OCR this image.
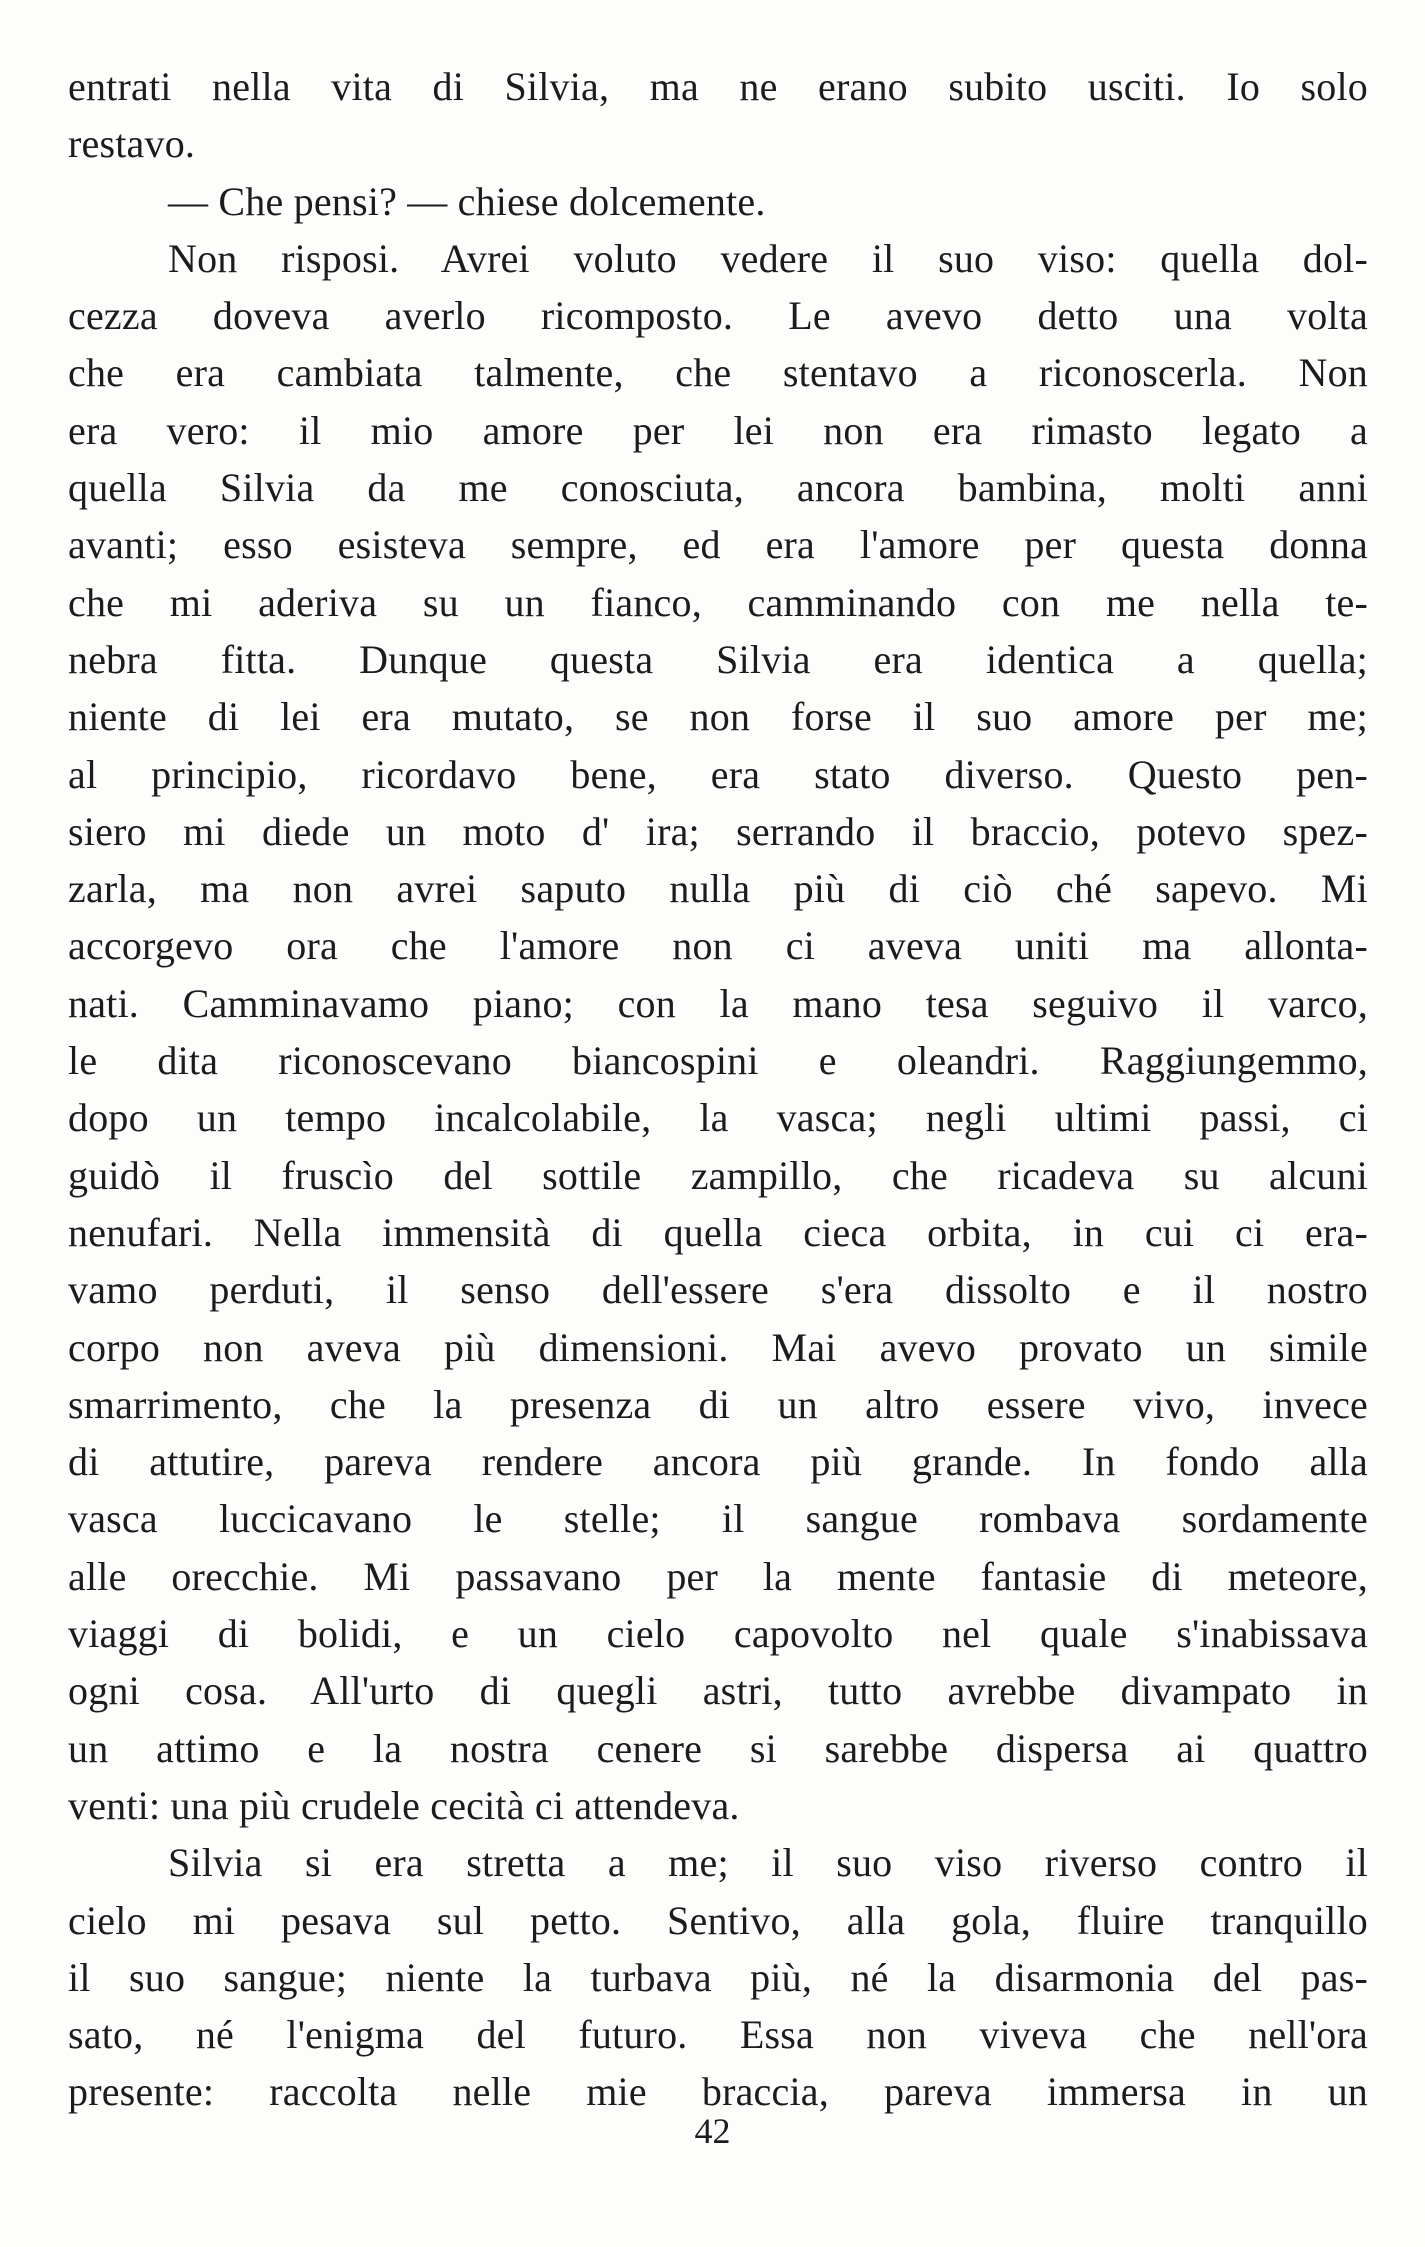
entrati nella vita di Silvia, ma ne erano subito usciti. Io solo
restavo.
— Che pensi? — chiese dolcemente.
Non risposi. Avrei voluto vedere il suo viso: quella dol-
cezza doveva averlo ricomposto. Le avevo detto una volta
che era cambiata talmente, che stentavo a riconoscerla. Non
era vero: il mio amore per lei non era rimasto legato a
quella Silvia da me conosciuta, ancora bambina, molti anni
avanti; esso esisteva sempre, ed era l'amore per questa donna
che mi aderiva su un fianco, camminando con me nella te-
nebra fitta. Dunque questa Silvia era identica a quella;
niente di lei era mutato, se non forse il suo amore per me;
al principio, ricordavo bene, era stato diverso. Questo pen-
siero mi diede un moto d' ira; serrando il braccio, potevo spez-
zarla, ma non avrei saputo nulla più di ciò ché sapevo. Mi
accorgevo ora che l'amore non ci aveva uniti ma allonta-
nati. Camminavamo piano; con la mano tesa seguivo il varco,
le dita riconoscevano biancospini e oleandri. Raggiungemmo,
dopo un tempo incalcolabile, la vasca; negli ultimi passi, ci
guidò il fruscìo del sottile zampillo, che ricadeva su alcuni
nenufari. Nella immensità di quella cieca orbita, in cui ci era-
vamo perduti, il senso dell'essere s'era dissolto e il nostro
corpo non aveva più dimensioni. Mai avevo provato un simile
smarrimento, che la presenza di un altro essere vivo, invece
di attutire, pareva rendere ancora più grande. In fondo alla
vasca luccicavano le stelle; il sangue rombava sordamente
alle orecchie. Mi passavano per la mente fantasie di meteore,
viaggi di bolidi, e un cielo capovolto nel quale s'inabissava
ogni cosa. All'urto di quegli astri, tutto avrebbe divampato in
un attimo e la nostra cenere si sarebbe dispersa ai quattro
venti: una più crudele cecità ci attendeva.
Silvia si era stretta a me; il suo viso riverso contro il
cielo mi pesava sul petto. Sentivo, alla gola, fluire tranquillo
il suo sangue; niente la turbava più, né la disarmonia del pas-
sato, né l'enigma del futuro. Essa non viveva che nell'ora
presente: raccolta nelle mie braccia, pareva immersa in un
42
